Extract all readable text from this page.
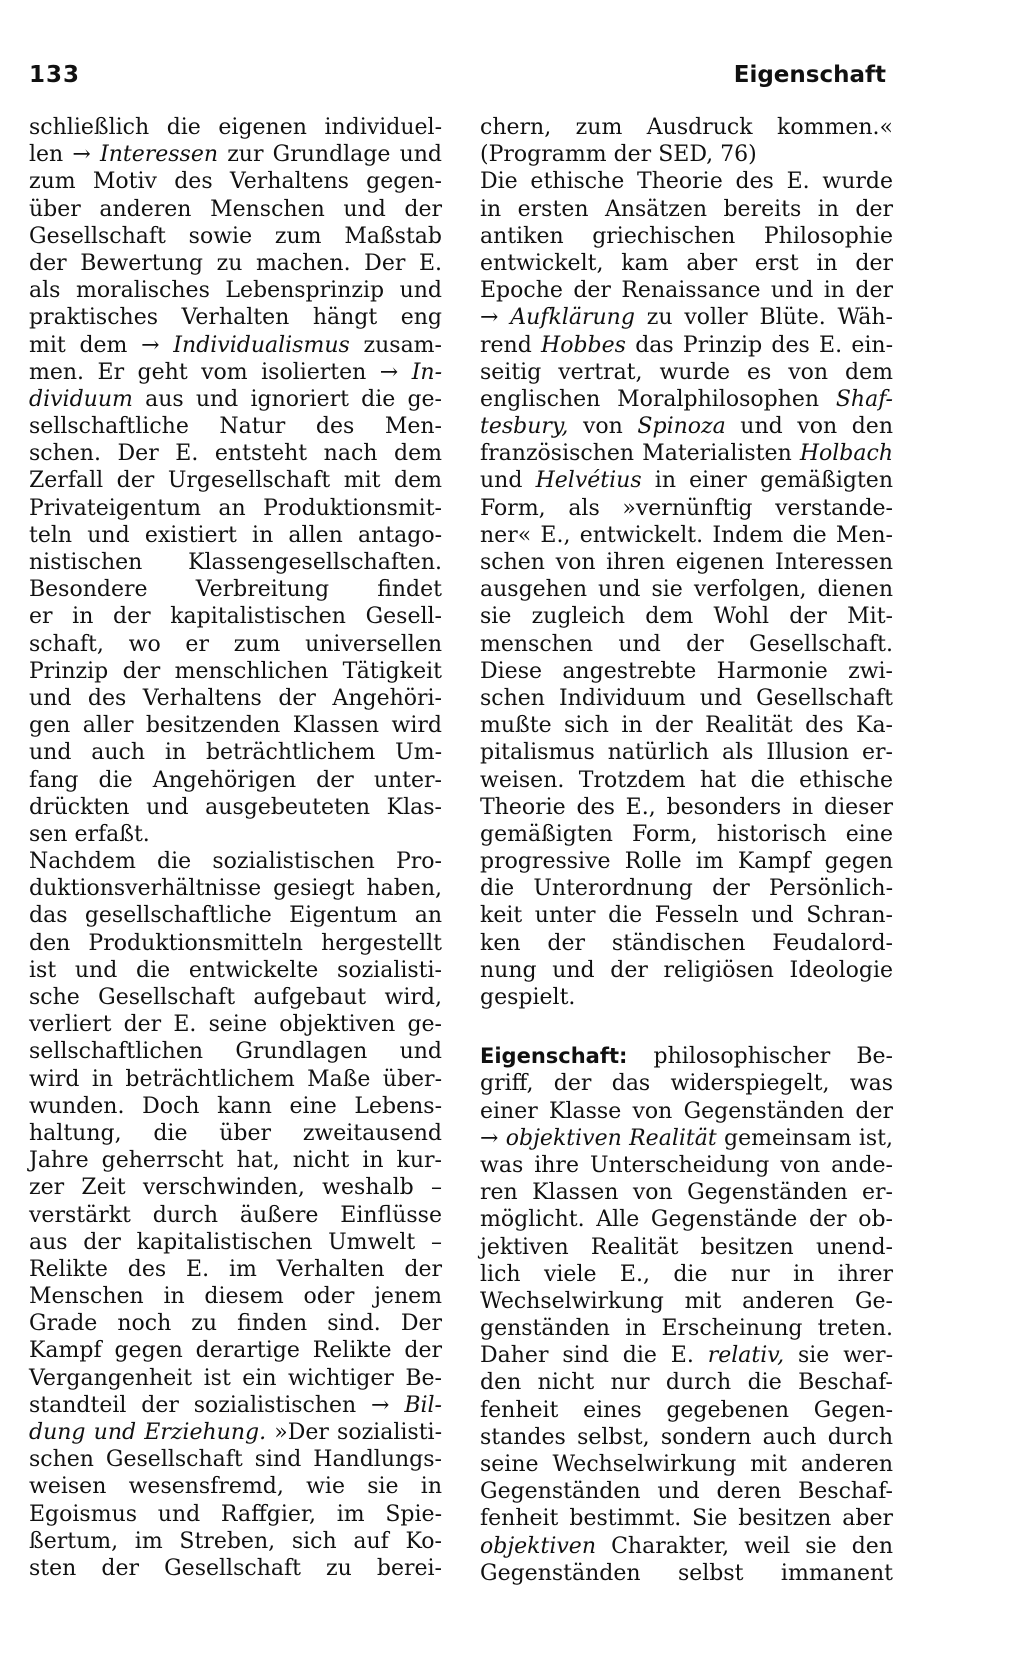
133	Eigenschaft
schließlich die eigenen individuel-
len → Interessen zur Grundlage und
zum Motiv des Verhaltens gegen-
über anderen Menschen und der
Gesellschaft sowie zum Maßstab
der Bewertung zu machen. Der E.
als moralisches Lebensprinzip und
praktisches Verhalten hängt eng
mit dem → Individualismus zusam-
men. Er geht vom isolierten → In-
dividuum aus und ignoriert die ge-
sellschaftliche Natur des Men-
schen. Der E. entsteht nach dem
Zerfall der Urgesellschaft mit dem
Privateigentum an Produktionsmit-
teln und existiert in allen antago-
nistischen Klassengesellschaften.
Besondere Verbreitung findet
er in der kapitalistischen Gesell-
schaft, wo er zum universellen
Prinzip der menschlichen Tätigkeit
und des Verhaltens der Angehöri-
gen aller besitzenden Klassen wird
und auch in beträchtlichem Um-
fang die Angehörigen der unter-
drückten und ausgebeuteten Klas-
sen erfaßt.
Nachdem die sozialistischen Pro-
duktionsverhältnisse gesiegt haben,
das gesellschaftliche Eigentum an
den Produktionsmitteln hergestellt
ist und die entwickelte sozialisti-
sche Gesellschaft aufgebaut wird,
verliert der E. seine objektiven ge-
sellschaftlichen Grundlagen und
wird in beträchtlichem Maße über-
wunden. Doch kann eine Lebens-
haltung, die über zweitausend
Jahre geherrscht hat, nicht in kur-
zer Zeit verschwinden, weshalb –
verstärkt durch äußere Einflüsse
aus der kapitalistischen Umwelt –
Relikte des E. im Verhalten der
Menschen in diesem oder jenem
Grade noch zu finden sind. Der
Kampf gegen derartige Relikte der
Vergangenheit ist ein wichtiger Be-
standteil der sozialistischen → Bil-
dung und Erziehung. »Der sozialisti-
schen Gesellschaft sind Handlungs-
weisen wesensfremd, wie sie in
Egoismus und Raffgier, im Spie-
ßertum, im Streben, sich auf Ko-
sten der Gesellschaft zu berei-
chern, zum Ausdruck kommen.«
(Programm der SED, 76)
Die ethische Theorie des E. wurde
in ersten Ansätzen bereits in der
antiken griechischen Philosophie
entwickelt, kam aber erst in der
Epoche der Renaissance und in der
→ Aufklärung zu voller Blüte. Wäh-
rend Hobbes das Prinzip des E. ein-
seitig vertrat, wurde es von dem
englischen Moralphilosophen Shaf-
tesbury, von Spinoza und von den
französischen Materialisten Holbach
und Helvétius in einer gemäßigten
Form, als »vernünftig verstande-
ner« E., entwickelt. Indem die Men-
schen von ihren eigenen Interessen
ausgehen und sie verfolgen, dienen
sie zugleich dem Wohl der Mit-
menschen und der Gesellschaft.
Diese angestrebte Harmonie zwi-
schen Individuum und Gesellschaft
mußte sich in der Realität des Ka-
pitalismus natürlich als Illusion er-
weisen. Trotzdem hat die ethische
Theorie des E., besonders in dieser
gemäßigten Form, historisch eine
progressive Rolle im Kampf gegen
die Unterordnung der Persönlich-
keit unter die Fesseln und Schran-
ken der ständischen Feudalord-
nung und der religiösen Ideologie
gespielt.
Eigenschaft: philosophischer Be-
griff, der das widerspiegelt, was
einer Klasse von Gegenständen der
→ objektiven Realität gemeinsam ist,
was ihre Unterscheidung von ande-
ren Klassen von Gegenständen er-
möglicht. Alle Gegenstände der ob-
jektiven Realität besitzen unend-
lich viele E., die nur in ihrer
Wechselwirkung mit anderen Ge-
genständen in Erscheinung treten.
Daher sind die E. relativ, sie wer-
den nicht nur durch die Beschaf-
fenheit eines gegebenen Gegen-
standes selbst, sondern auch durch
seine Wechselwirkung mit anderen
Gegenständen und deren Beschaf-
fenheit bestimmt. Sie besitzen aber
objektiven Charakter, weil sie den
Gegenständen selbst immanent
